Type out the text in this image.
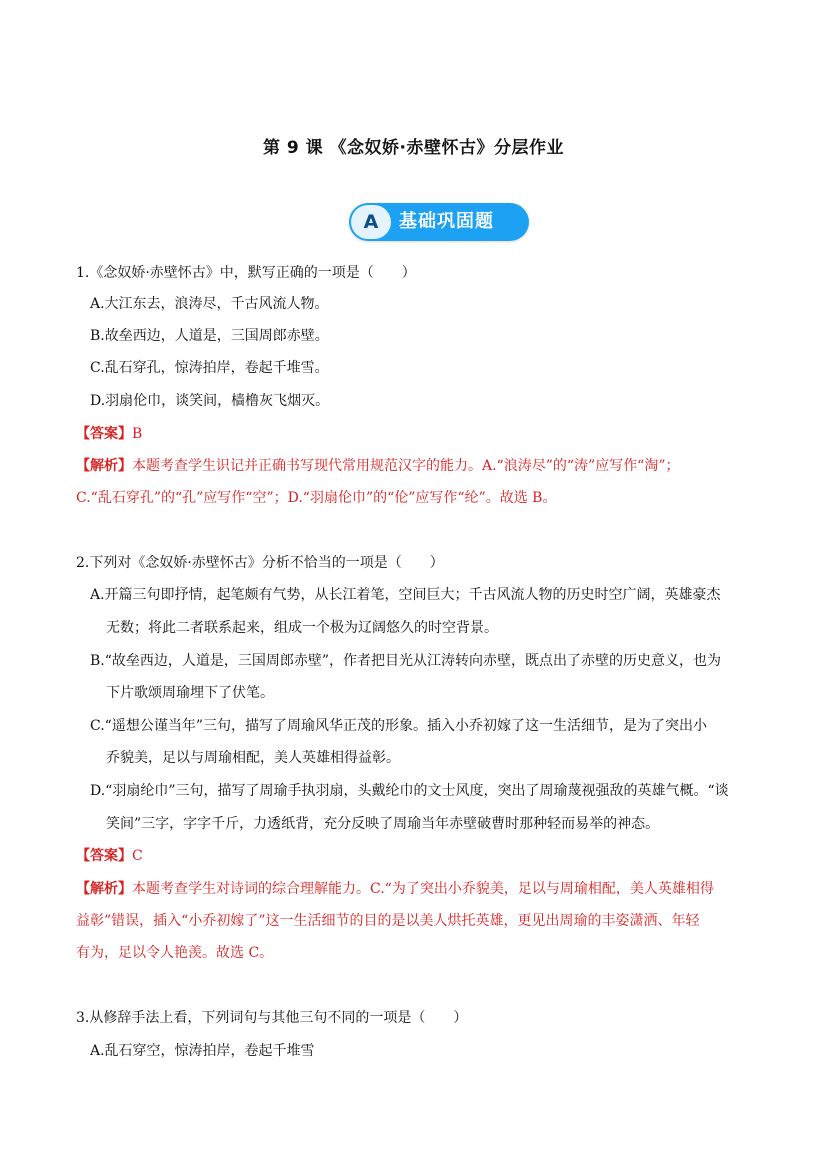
第 9 课 《念奴娇·赤壁怀古》分层作业
A	基础巩固题
1.《念奴娇·赤壁怀古》中，默写正确的一项是（　　）
A.大江东去，浪涛尽，千古风流人物。
B.故垒西边，人道是，三国周郎赤壁。
C.乱石穿孔，惊涛拍岸，卷起千堆雪。
D.羽扇伦巾，谈笑间，樯橹灰飞烟灭。
【答案】B
【解析】本题考查学生识记并正确书写现代常用规范汉字的能力。A.“浪涛尽”的“涛”应写作“淘”；
C.“乱石穿孔”的“孔”应写作“空”；D.“羽扇伦巾”的“伦”应写作“纶”。故选 B。
2.下列对《念奴娇·赤壁怀古》分析不恰当的一项是（　　）
A.开篇三句即抒情，起笔颇有气势，从长江着笔，空间巨大；千古风流人物的历史时空广阔，英雄豪杰
无数；将此二者联系起来，组成一个极为辽阔悠久的时空背景。
B.“故垒西边，人道是，三国周郎赤壁”，作者把目光从江涛转向赤壁，既点出了赤壁的历史意义，也为
下片歌颂周瑜埋下了伏笔。
C.“遥想公谨当年”三句，描写了周瑜风华正茂的形象。插入小乔初嫁了这一生活细节，是为了突出小
乔貌美，足以与周瑜相配，美人英雄相得益彰。
D.“羽扇纶巾”三句，描写了周瑜手执羽扇，头戴纶巾的文士风度，突出了周瑜蔑视强敌的英雄气概。“谈
笑间”三字，字字千斤，力透纸背，充分反映了周瑜当年赤壁破曹时那种轻而易举的神态。
【答案】C
【解析】本题考查学生对诗词的综合理解能力。C.“为了突出小乔貌美，足以与周瑜相配，美人英雄相得
益彰”错误，插入“小乔初嫁了”这一生活细节的目的是以美人烘托英雄，更见出周瑜的丰姿潇洒、年轻
有为，足以令人艳羡。故选 C。
3.从修辞手法上看，下列词句与其他三句不同的一项是（　　）
A.乱石穿空，惊涛拍岸，卷起千堆雪
